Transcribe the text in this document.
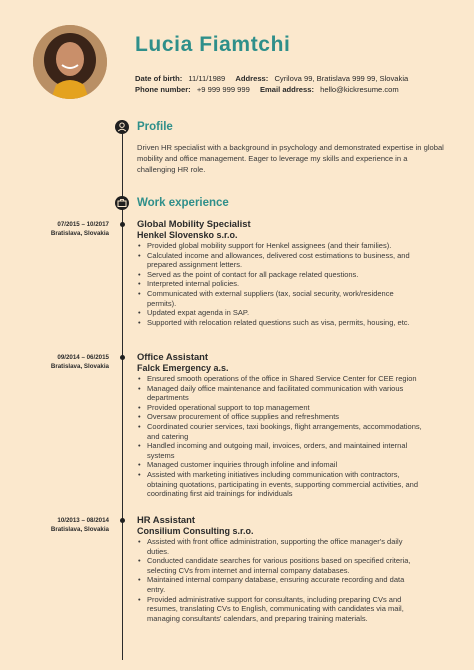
Lucia Fiamtchi
Date of birth: 11/11/1989 Address: Cyrilova 99, Bratislava 999 99, Slovakia
Phone number: +9 999 999 999 Email address: hello@kickresume.com
Profile
Driven HR specialist with a background in psychology and demonstrated expertise in global mobility and office management. Eager to leverage my skills and experience in a challenging HR role.
Work experience
07/2015 – 10/2017
Bratislava, Slovakia
Global Mobility Specialist
Henkel Slovensko s.r.o.
• Provided global mobility support for Henkel assignees (and their families).
• Calculated income and allowances, delivered cost estimations to business, and prepared assignment letters.
• Served as the point of contact for all package related questions.
• Interpreted internal policies.
• Communicated with external suppliers (tax, social security, work/residence permits).
• Updated expat agenda in SAP.
• Supported with relocation related questions such as visa, permits, housing, etc.
09/2014 – 06/2015
Bratislava, Slovakia
Office Assistant
Falck Emergency a.s.
• Ensured smooth operations of the office in Shared Service Center for CEE region
• Managed daily office maintenance and facilitated communication with various departments
• Provided operational support to top management
• Oversaw procurement of office supplies and refreshments
• Coordinated courier services, taxi bookings, flight arrangements, accommodations, and catering
• Handled incoming and outgoing mail, invoices, orders, and maintained internal systems
• Managed customer inquiries through infoline and infomail
• Assisted with marketing initiatives including communication with contractors, obtaining quotations, participating in events, supporting commercial activities, and coordinating first aid trainings for individuals
10/2013 – 08/2014
Bratislava, Slovakia
HR Assistant
Consilium Consulting s.r.o.
• Assisted with front office administration, supporting the office manager's daily duties.
• Conducted candidate searches for various positions based on specified criteria, selecting CVs from internet and internal company databases.
• Maintained internal company database, ensuring accurate recording and data entry.
• Provided administrative support for consultants, including preparing CVs and resumes, translating CVs to English, communicating with candidates via mail, managing consultants' calendars, and preparing training materials.
